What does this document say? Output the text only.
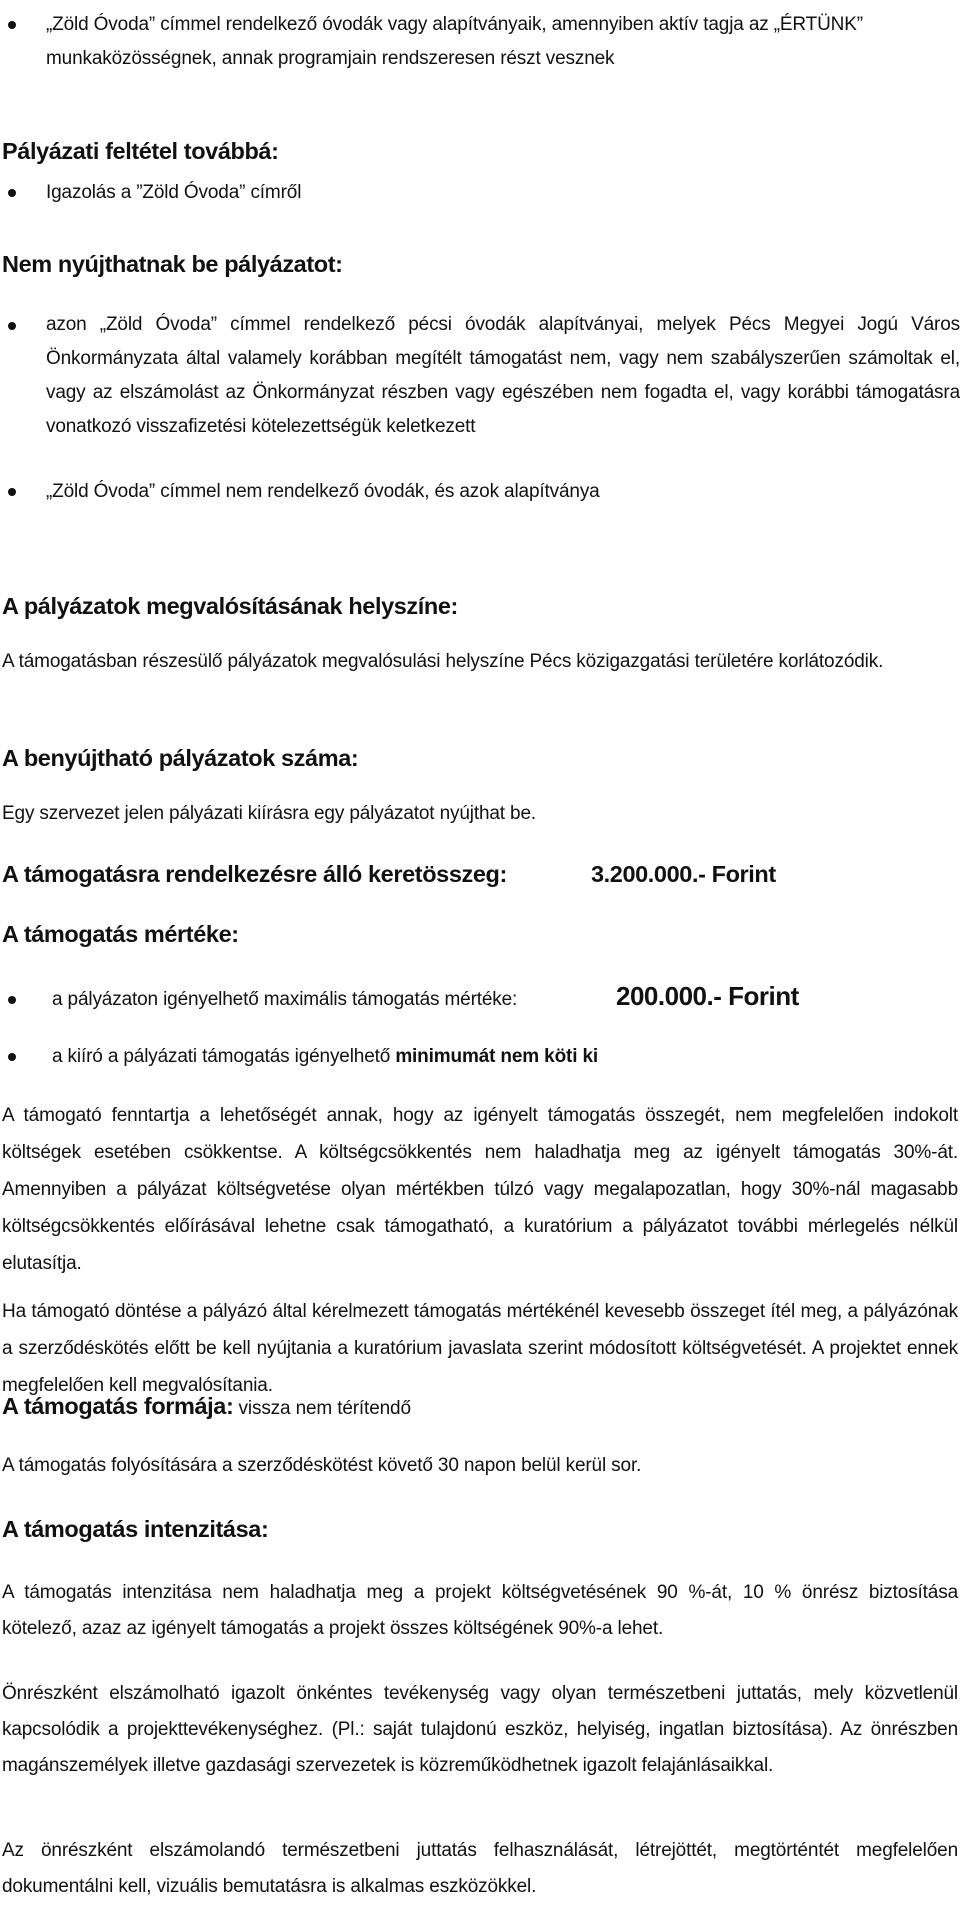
„Zöld Óvoda” címmel rendelkező óvodák vagy alapítványaik, amennyiben aktív tagja az „ÉRTÜNK” munkaközösségnek, annak programjain rendszeresen részt vesznek

Pályázati feltétel továbbá:

Igazolás a ”Zöld Óvoda” címről

Nem nyújthatnak be pályázatot:

azon „Zöld Óvoda” címmel rendelkező pécsi óvodák alapítványai, melyek Pécs Megyei Jogú Város Önkormányzata által valamely korábban megítélt támogatást nem, vagy nem szabályszerűen számoltak el, vagy az elszámolást az Önkormányzat részben vagy egészében nem fogadta el, vagy korábbi támogatásra vonatkozó visszafizetési kötelezettségük keletkezett

„Zöld Óvoda” címmel nem rendelkező óvodák, és azok alapítványa

A pályázatok megvalósításának helyszíne:

A támogatásban részesülő pályázatok megvalósulási helyszíne Pécs közigazgatási területére korlátozódik.

A benyújtható pályázatok száma:

Egy szervezet jelen pályázati kiírásra egy pályázatot nyújthat be.

A támogatásra rendelkezésre álló keretösszeg:	3.200.000.- Forint
A támogatás mértéke:

a pályázaton igényelhető maximális támogatás mértéke:	200.000.- Forint

a kiíró a pályázati támogatás igényelhető minimumát nem köti ki

A támogató fenntartja a lehetőségét annak, hogy az igényelt támogatás összegét, nem megfelelően indokolt költségek esetében csökkentse. A költségcsökkentés nem haladhatja meg az igényelt támogatás 30%-át. Amennyiben a pályázat költségvetése olyan mértékben túlzó vagy megalapozatlan, hogy 30%-nál magasabb költségcsökkentés előírásával lehetne csak támogatható, a kuratórium a pályázatot további mérlegelés nélkül elutasítja.

Ha támogató döntése a pályázó által kérelmezett támogatás mértékénél kevesebb összeget ítél meg, a pályázónak a szerződéskötés előtt be kell nyújtania a kuratórium javaslata szerint módosított költségvetését. A projektet ennek megfelelően kell megvalósítania.

A támogatás formája: vissza nem térítendő

A támogatás folyósítására a szerződéskötést követő 30 napon belül kerül sor.

A támogatás intenzitása:

A támogatás intenzitása nem haladhatja meg a projekt költségvetésének 90 %-át, 10 % önrész biztosítása kötelező, azaz az igényelt támogatás a projekt összes költségének 90%-a lehet.

Önrészként elszámolható igazolt önkéntes tevékenység vagy olyan természetbeni juttatás, mely közvetlenül kapcsolódik a projekttevékenységhez. (Pl.: saját tulajdonú eszköz, helyiség, ingatlan biztosítása). Az önrészben magánszemélyek illetve gazdasági szervezetek is közreműködhetnek igazolt felajánlásaikkal.

Az önrészként elszámolandó természetbeni juttatás felhasználását, létrejöttét, megtörténtét megfelelően dokumentálni kell, vizuális bemutatásra is alkalmas eszközökkel.
